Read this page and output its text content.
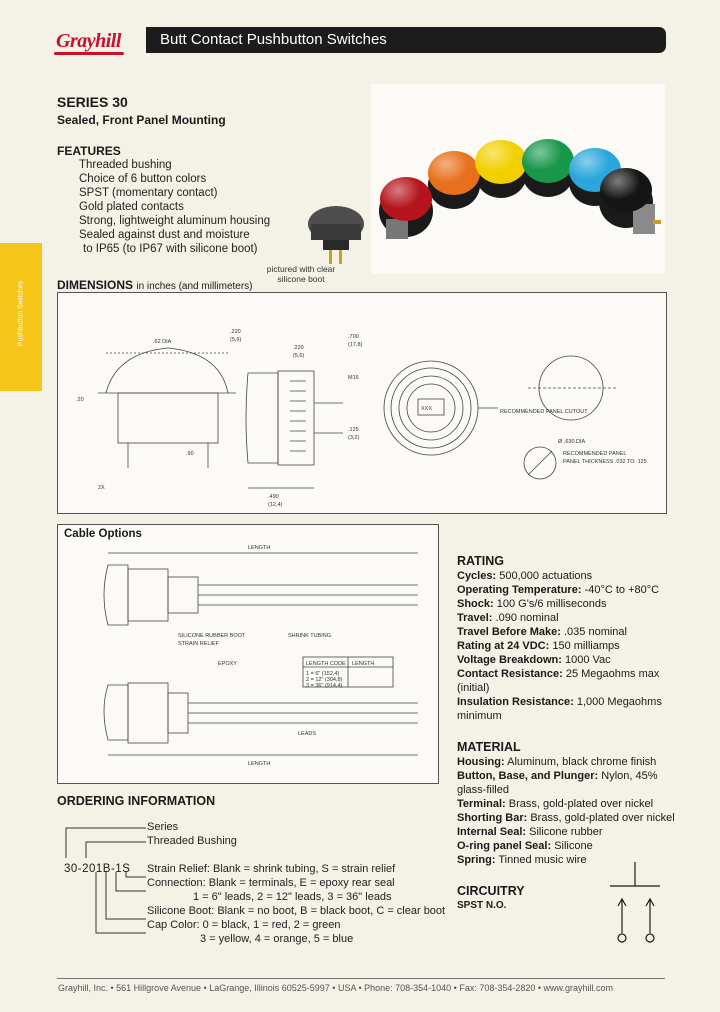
Grayhill	Butt Contact Pushbutton Switches
SERIES 30
Sealed, Front Panel Mounting
FEATURES
Threaded bushing
Choice of 6 button colors
SPST (momentary contact)
Gold plated contacts
Strong, lightweight aluminum housing
Sealed against dust and moisture
to IP65 (to IP67 with silicone boot)
pictured with clear
silicone boot
Pushbutton Switches	DIMENSIONS in inches (and millimeters)
.62 DIA
.20
.90
2X
.220
(5,6)
.220
(5,6)
.700
(17,8)
M16
.125
(3,2)
.490
(12,4)
XXX	RECOMMENDED PANEL CUTOUT
Ø .630 DIA
RECOMMENDED PANEL
PANEL THICKNESS .032 TO .125
LENGTH
SILICONE RUBBER BOOT
STRAIN RELIEF
SHRINK TUBING
EPOXY
LEADS
LENGTH CODE LENGTH
1 = 6" (152,4)
2 = 12" (304,8)
3 = 36" (914,4)
LENGTH
Cable Options
RATING
Cycles: 500,000 actuations
Operating Temperature: -40°C to +80°C
Shock: 100 G's/6 milliseconds
Travel: .090 nominal
Travel Before Make: .035 nominal
Rating at 24 VDC: 150 milliamps
Voltage Breakdown: 1000 Vac
Contact Resistance: 25 Megaohms max
(initial)
Insulation Resistance: 1,000 Megaohms
minimum
MATERIAL
Housing: Aluminum, black chrome finish
Button, Base, and Plunger: Nylon, 45%
glass-filled
Terminal: Brass, gold-plated over nickel
Shorting Bar: Brass, gold-plated over nickel
Internal Seal: Silicone rubber
O-ring panel Seal: Silicone
Spring: Tinned music wire
CIRCUITRY
SPST N.O.
ORDERING INFORMATION
30-201B-1S
Series
Threaded Bushing
Strain Relief: Blank = shrink tubing, S = strain relief
Connection: Blank = terminals, E = epoxy rear seal
1 = 6" leads, 2 = 12" leads, 3 = 36" leads
Silicone Boot: Blank = no boot, B = black boot, C = clear boot
Cap Color: 0 = black, 1 = red, 2 = green
3 = yellow, 4 = orange, 5 = blue
Grayhill, Inc. • 561 Hillgrove Avenue • LaGrange, Illinois 60525-5997 • USA • Phone: 708-354-1040 • Fax: 708-354-2820 • www.grayhill.com
